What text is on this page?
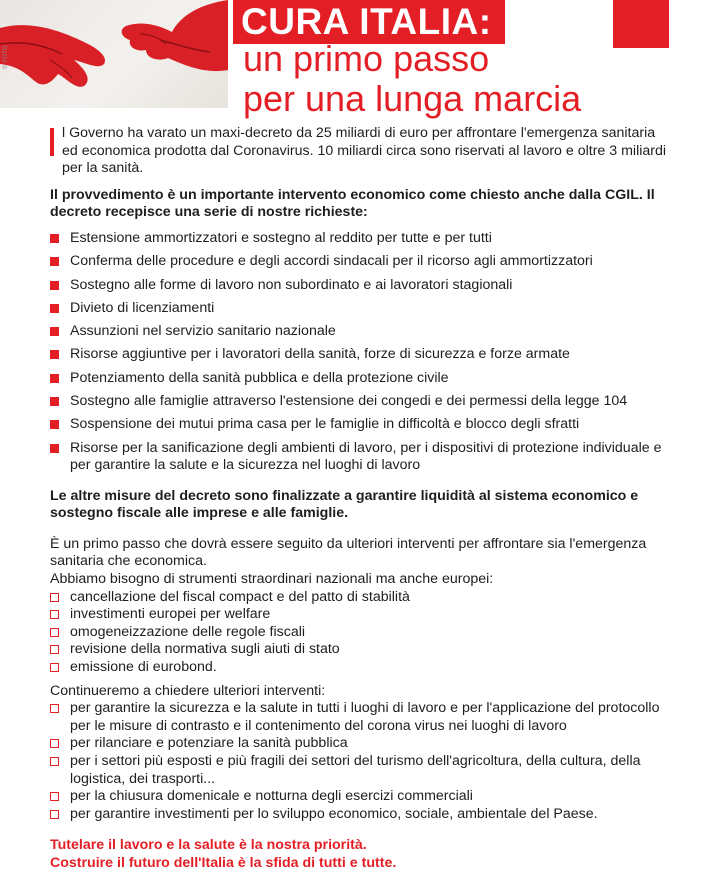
© FOTO
CURA ITALIA:
un primo passo
per una lunga marcia

l Governo ha varato un maxi-decreto da 25 miliardi di euro per affrontare l'emergenza sanitaria ed economica prodotta dal Coronavirus. 10 miliardi circa sono riservati al lavoro e oltre 3 miliardi per la sanità.

Il provvedimento è un importante intervento economico come chiesto anche dalla CGIL. Il decreto recepisce una serie di nostre richieste:

Estensione ammortizzatori e sostegno al reddito per tutte e per tutti
Conferma delle procedure e degli accordi sindacali per il ricorso agli ammortizzatori
Sostegno alle forme di lavoro non subordinato e ai lavoratori stagionali
Divieto di licenziamenti
Assunzioni nel servizio sanitario nazionale
Risorse aggiuntive per i lavoratori della sanità, forze di sicurezza e forze armate
Potenziamento della sanità pubblica e della protezione civile
Sostegno alle famiglie attraverso l'estensione dei congedi e dei permessi della legge 104
Sospensione dei mutui prima casa per le famiglie in difficoltà e blocco degli sfratti
Risorse per la sanificazione degli ambienti di lavoro, per i dispositivi di protezione individuale e per garantire la salute e la sicurezza nel luoghi di lavoro

Le altre misure del decreto sono finalizzate a garantire liquidità al sistema economico e sostegno fiscale alle imprese e alle famiglie.

È un primo passo che dovrà essere seguito da ulteriori interventi per affrontare sia l'emergenza sanitaria che economica.

Abbiamo bisogno di strumenti straordinari nazionali ma anche europei:

cancellazione del fiscal compact e del patto di stabilità
investimenti europei per welfare
omogeneizzazione delle regole fiscali
revisione della normativa sugli aiuti di stato
emissione di eurobond.

Continueremo a chiedere ulteriori interventi:

per garantire la sicurezza e la salute in tutti i luoghi di lavoro e per l'applicazione del protocollo per le misure di contrasto e il contenimento del corona virus nei luoghi di lavoro
per rilanciare e potenziare la sanità pubblica
per i settori più esposti e più fragili dei settori del turismo dell'agricoltura, della cultura, della logistica, dei trasporti...
per la chiusura domenicale e notturna degli esercizi commerciali
per garantire investimenti per lo sviluppo economico, sociale, ambientale del Paese.
Tutelare il lavoro e la salute è la nostra priorità.
Costruire il futuro dell'Italia è la sfida di tutti e tutte.
